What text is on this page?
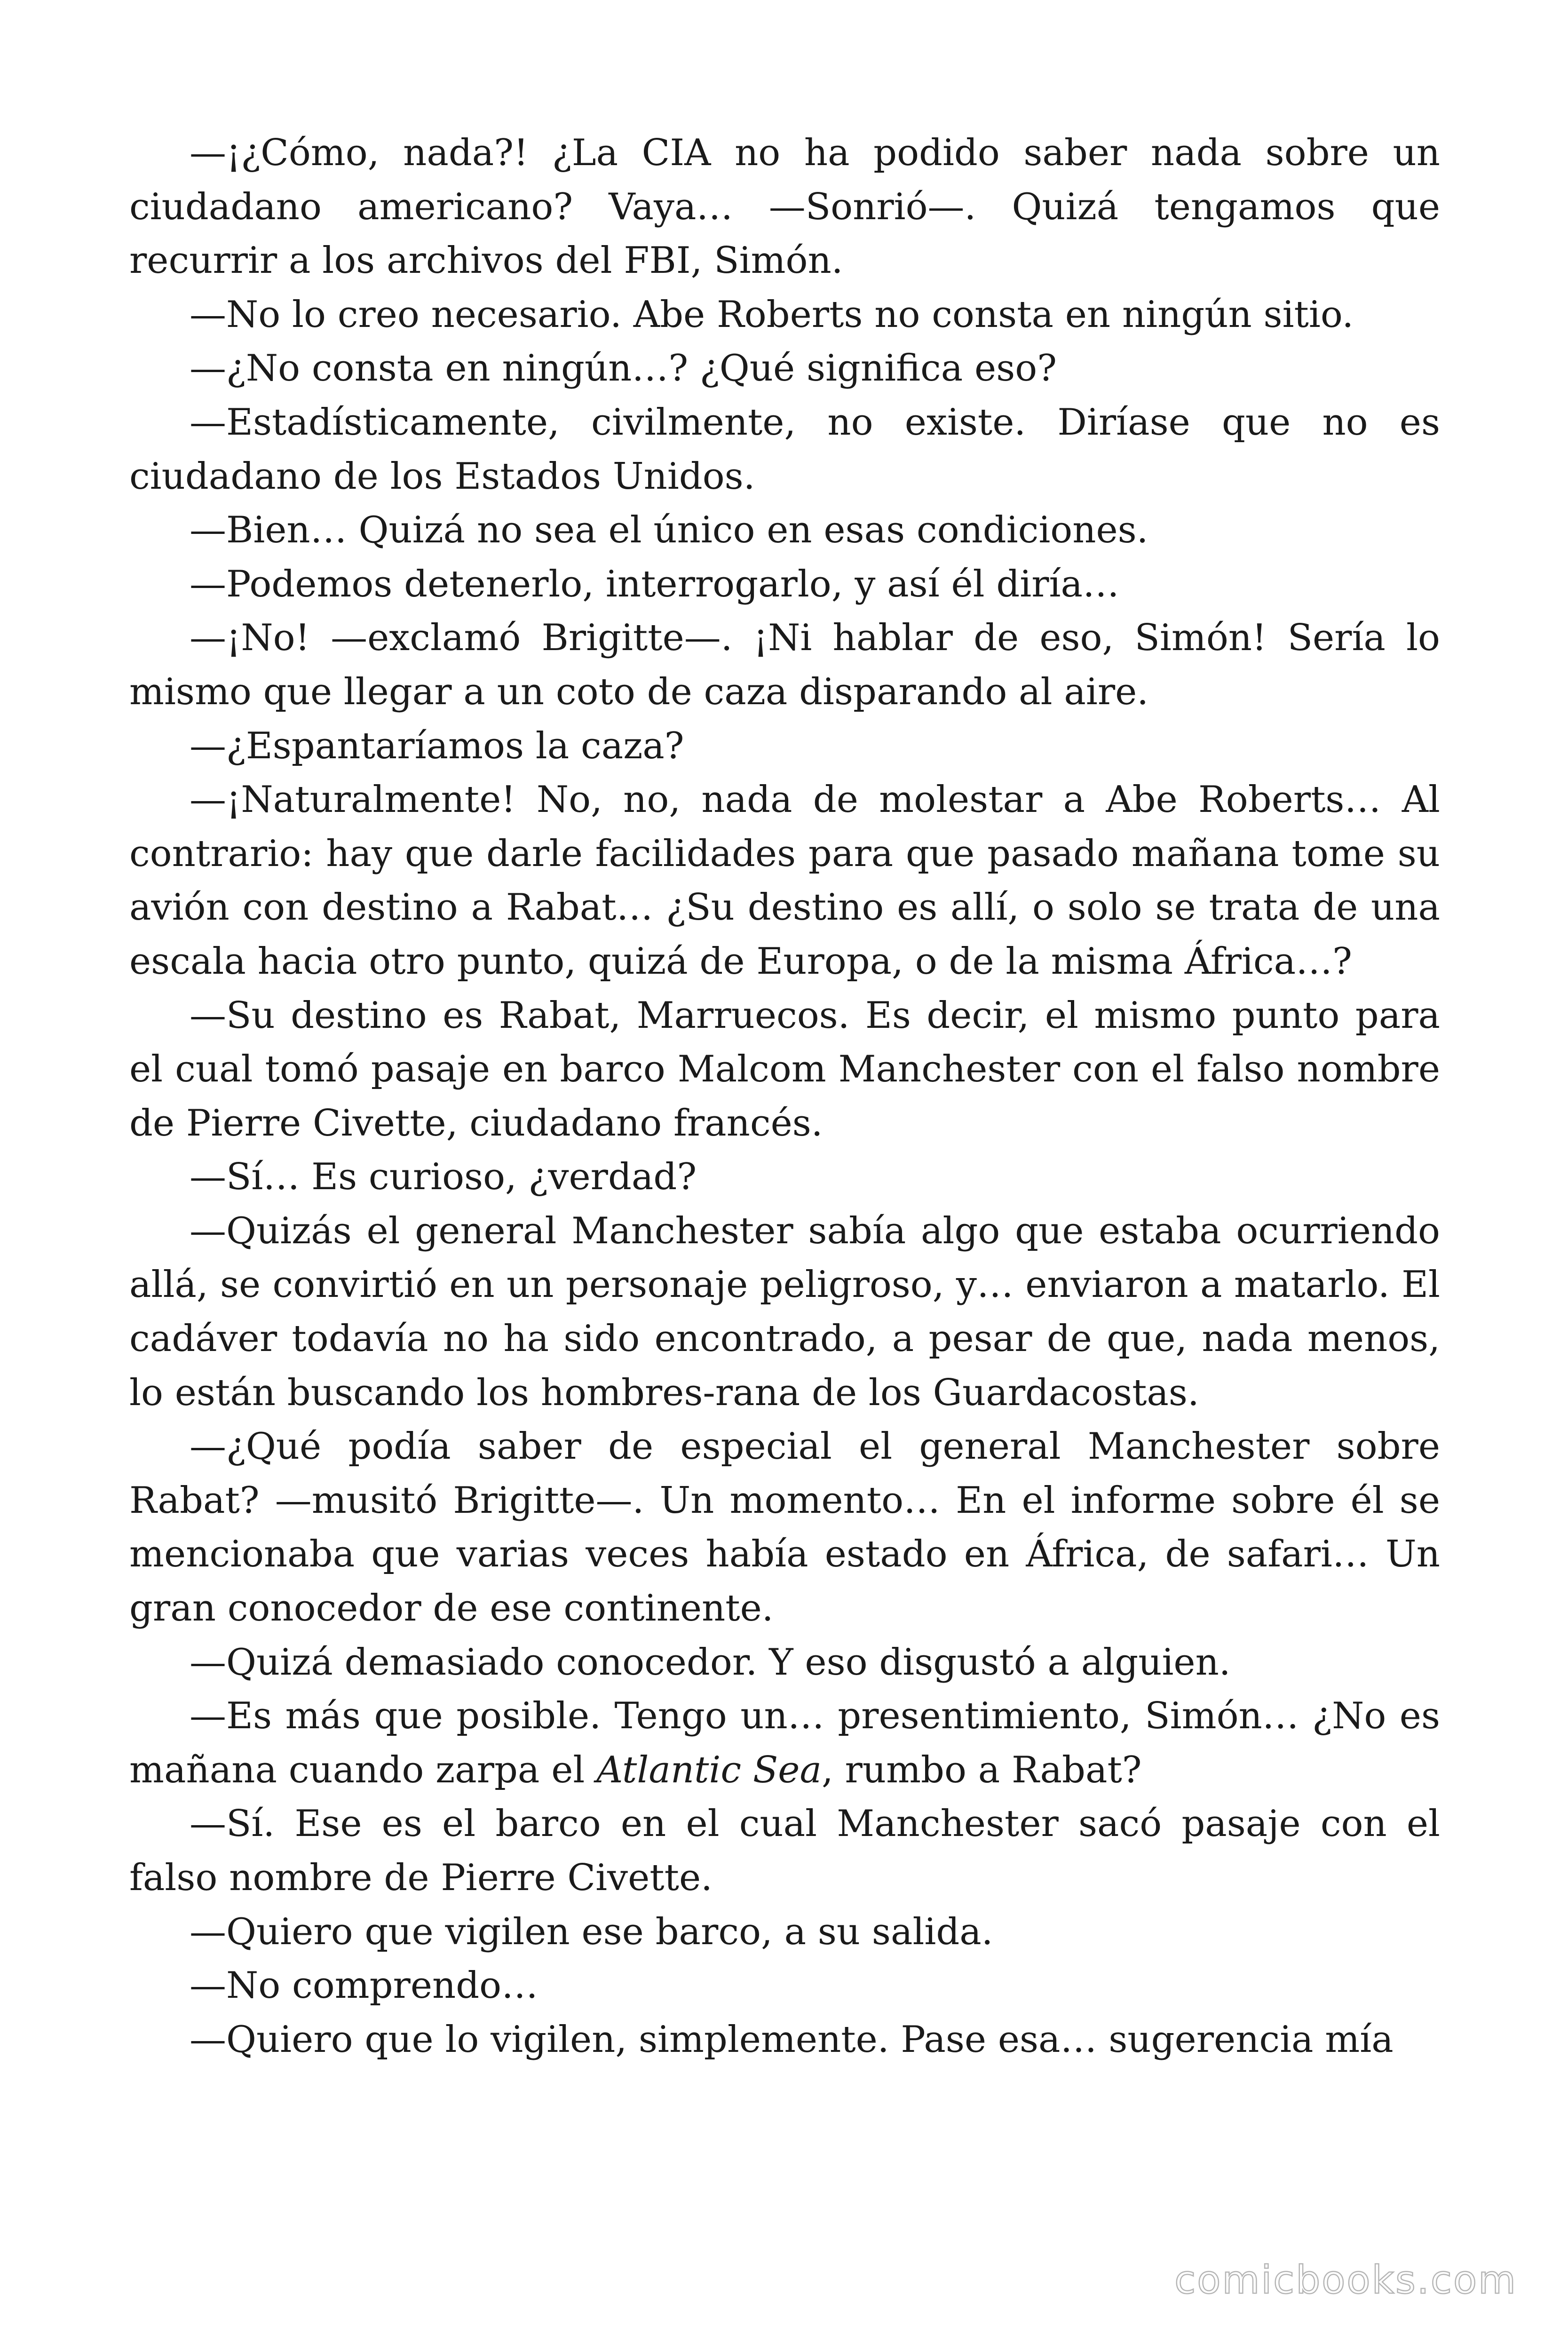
—¡¿Cómo, nada?! ¿La CIA no ha podido saber nada sobre un ciudadano americano? Vaya… —Sonrió—. Quizá tengamos que recurrir a los archivos del FBI, Simón.

—No lo creo necesario. Abe Roberts no consta en ningún sitio.

—¿No consta en ningún…? ¿Qué significa eso?

—Estadísticamente, civilmente, no existe. Diríase que no es ciudadano de los Estados Unidos.

—Bien… Quizá no sea el único en esas condiciones.

—Podemos detenerlo, interrogarlo, y así él diría…

—¡No! —exclamó Brigitte—. ¡Ni hablar de eso, Simón! Sería lo mismo que llegar a un coto de caza disparando al aire.

—¿Espantaríamos la caza?

—¡Naturalmente! No, no, nada de molestar a Abe Roberts… Al contrario: hay que darle facilidades para que pasado mañana tome su avión con destino a Rabat… ¿Su destino es allí, o solo se trata de una escala hacia otro punto, quizá de Europa, o de la misma África…?

—Su destino es Rabat, Marruecos. Es decir, el mismo punto para el cual tomó pasaje en barco Malcom Manchester con el falso nombre de Pierre Civette, ciudadano francés.

—Sí… Es curioso, ¿verdad?

—Quizás el general Manchester sabía algo que estaba ocurriendo allá, se convirtió en un personaje peligroso, y… enviaron a matarlo. El cadáver todavía no ha sido encontrado, a pesar de que, nada menos, lo están buscando los hombres-rana de los Guardacostas.

—¿Qué podía saber de especial el general Manchester sobre Rabat? —musitó Brigitte—. Un momento… En el informe sobre él se mencionaba que varias veces había estado en África, de safari… Un gran conocedor de ese continente.

—Quizá demasiado conocedor. Y eso disgustó a alguien.

—Es más que posible. Tengo un… presentimiento, Simón… ¿No es mañana cuando zarpa el Atlantic Sea, rumbo a Rabat?

—Sí. Ese es el barco en el cual Manchester sacó pasaje con el falso nombre de Pierre Civette.

—Quiero que vigilen ese barco, a su salida.

—No comprendo…

—Quiero que lo vigilen, simplemente. Pase esa… sugerencia mía

comicbooks.com
